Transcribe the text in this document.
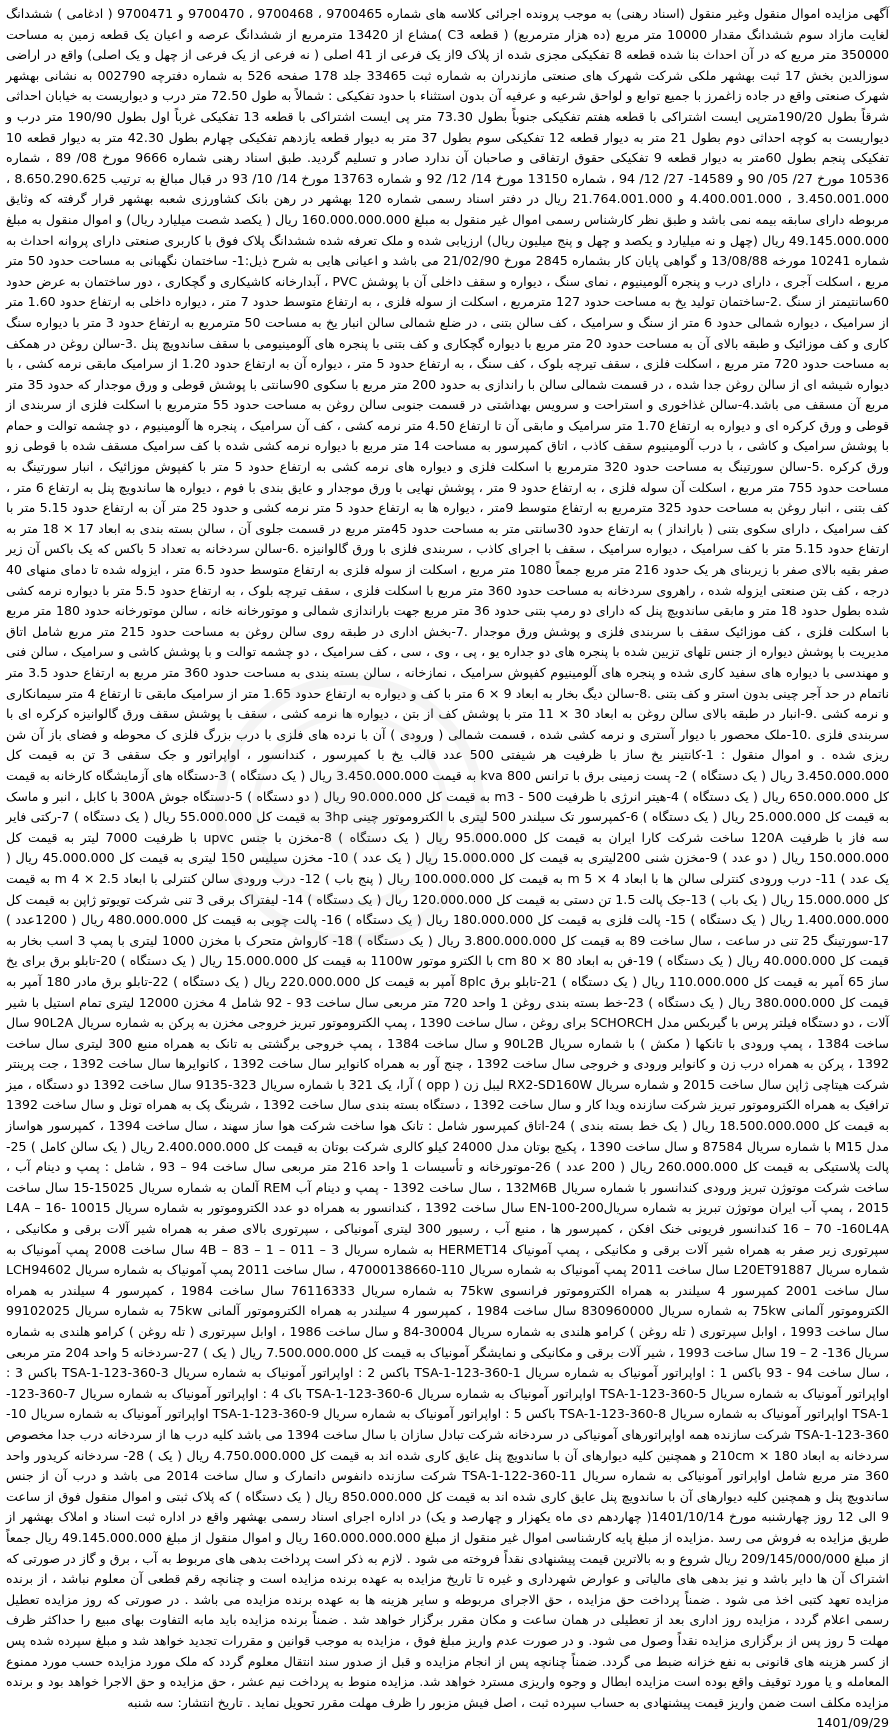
آگهی مزایده اموال منقول وغیر منقول (اسناد رهنی) به موجب پرونده اجرائی کلاسه های شماره 9700465 ، 9700468 ، 9700470 و 9700471 ( ادغامی ) ششدانگ لغایت مازاد سوم ششدانگ مقدار 10000 متر مربع (ده هزار مترمربع) ( قطعه C3 )مشاع از 13420 مترمربع از ششدانگ عرصه و اعیان یک قطعه زمین به مساحت 350000 متر مربع که در آن احداث بنا شده قطعه 8 تفکیکی مجزی شده از پلاک 9از یک فرعی از 41 اصلی ( نه فرعی از یک فرعی از چهل و یک اصلی) واقع در اراضی سوزالدین بخش 17 ثبت بهشهر ملکی شرکت شهرک های صنعتی مازندران به شماره ثبت 33465 جلد 178 صفحه 526 به شماره دفترچه 002790 به نشانی بهشهر شهرک صنعتی واقع در جاده زاغمرز با جمیع توابع و لواحق شرعیه و عرفیه آن بدون استثناء با حدود تفکیکی : شمالاً به طول 72.50 متر درب و دیواریست به خیابان احداثی شرقاً بطول 190/20مترپی ایست اشتراکی با قطعه هفتم تفکیکی جنوباً بطول 73.30 متر پی ایست اشتراکی با قطعه 13 تفکیکی غرباً اول بطول 190/90 متر درب و دیواریست به کوچه احداثی دوم بطول 21 متر به دیوار قطعه 12 تفکیکی سوم بطول 37 متر به دیوار قطعه یازدهم تفکیکی چهارم بطول 42.30 متر به دیوار قطعه 10 تفکیکی پنجم بطول 60متر به دیوار قطعه 9 تفکیکی حقوق ارتفاقی و صاحبان آن ندارد صادر و تسلیم گردید. طبق اسناد رهنی شماره 9666 مورخ 08/ 89 ، شماره 10536 مورخ 27/ 05/ 90 و 14589- 27/ 12/ 94 ، شماره 13150 مورخ 14/ 12/ 92 و شماره 13763 مورخ 14/ 10/ 93 در قبال مبالغ به ترتیب 8.650.290.625 ، 3.450.001.000 ، 4.400.001.000 و 21.764.001.000 ریال در دفتر اسناد رسمی شماره 120 بهشهر در رهن بانک کشاورزی شعبه بهشهر قرار گرفته که وثایق مربوطه دارای سابقه بیمه نمی باشد و طبق نظر کارشناس رسمی اموال غیر منقول به مبلغ 160.000.000.000 ریال ( یکصد شصت میلیارد ریال) و اموال منقول به مبلغ 49.145.000.000 ریال (چهل و نه میلیارد و یکصد و چهل و پنج میلیون ریال) ارزیابی شده و ملک تعرفه شده ششدانگ پلاک فوق با کاربری صنعتی دارای پروانه احداث به شماره 10241 مورخه 13/08/88 و گواهی پایان کار بشماره 2845 مورخ 21/02/90 می باشد و اعیانی هایی به شرح ذیل:1- ساختمان نگهبانی به مساحت حدود 50 متر مربع ، اسکلت آجری ، دارای درب و پنجره آلومینیوم ، نمای سنگ ، دیواره و سقف داخلی آن با پوشش PVC ، آبدارخانه کاشیکاری و گچکاری ، دور ساختمان به عرض حدود 60سانتیمتر از سنگ .2-ساختمان تولید یخ به مساحت حدود 127 مترمربع ، اسکلت از سوله فلزی ، به ارتفاع متوسط حدود 7 متر ، دیواره داخلی به ارتفاع حدود 1.60 متر از سرامیک ، دیواره شمالی حدود 6 متر از سنگ و سرامیک ، کف سالن بتنی ، در ضلع شمالی سالن انبار یخ به مساحت 50 مترمربع به ارتفاع حدود 3 متر با دیواره سنگ کاری و کف موزائیک و طبقه بالای آن به مساحت حدود 20 متر مربع با دیواره گچکاری و کف بتنی با پنجره های آلومینیومی با سقف ساندویچ پنل .3-سالن روغن در همکف به مساحت حدود 720 متر مربع ، اسکلت فلزی ، سقف تیرچه بلوک ، کف سنگ ، به ارتفاع حدود 5 متر ، دیواره آن به ارتفاع حدود 1.20 از سرامیک مابقی نرمه کشی ، با دیواره شیشه ای از سالن روغن جدا شده ، در قسمت شمالی سالن با راندازی به حدود 200 متر مربع با سکوی 90سانتی با پوشش قوطی و ورق موجدار که حدود 35 متر مربع آن مسقف می باشد.4-سالن غذاخوری و استراحت و سرویس بهداشتی در قسمت جنوبی سالن روغن به مساحت حدود 55 مترمربع با اسکلت فلزی از سربندی از قوطی و ورق کرکره ای و دیواره به ارتفاع 1.70 متر سرامیک و مابقی آن تا ارتفاع 4.50 متر نرمه کشی ، کف آن سرامیک ، پنجره ها آلومینیوم ، دو چشمه توالت و حمام با پوشش سرامیک و کاشی ، با درب آلومینیوم سقف کاذب ، اتاق کمپرسور به مساحت 14 متر مربع با دیواره نرمه کشی شده با کف سرامیک مسقف شده با قوطی زو ورق کرکره .5-سالن سورتینگ به مساحت حدود 320 مترمربع با اسکلت فلزی و دیواره های نرمه کشی به ارتفاع حدود 5 متر با کفپوش موزائیک ، انبار سورتینگ به مساحت حدود 755 متر مربع ، اسکلت آن سوله فلزی ، به ارتفاع حدود 9 متر ، پوشش نهایی با ورق موجدار و عایق بندی با فوم ، دیواره ها ساندویچ پنل به ارتفاع 6 متر ، کف بتنی ، انبار روغن به مساحت حدود 325 مترمربع به ارتفاع متوسط 9متر ، دیواره ها به ارتفاع حدود 5 متر نرمه کشی و حدود 25 متر آن به ارتفاع حدود 5.15 متر با کف سرامیک ، دارای سکوی بتنی ( بارانداز ) به ارتفاع حدود 30سانتی متر به مساحت حدود 45متر مربع در قسمت جلوی آن ، سالن بسته بندی به ابعاد 17 × 18 متر به ارتفاع حدود 5.15 متر با کف سرامیک ، دیواره سرامیک ، سقف با اجرای کاذب ، سربندی فلزی با ورق گالوانیزه .6-سالن سردخانه به تعداد 5 باکس که یک باکس آن زیر صفر بقیه بالای صفر با زیربنای هر یک حدود 216 متر مربع جمعاً 1080 متر مربع ، اسکلت از سوله فلزی به ارتفاع متوسط حدود 6.5 متر ، ایزوله شده تا دمای منهای 40 درجه ، کف بتن صنعتی ایزوله شده ، راهروی سردخانه به مساحت حدود 360 متر مربع با اسکلت فلزی ، سقف تیرچه بلوک ، به ارتفاع حدود 5.5 متر با دیواره نرمه کشی شده بطول حدود 18 متر و مابقی ساندویچ پنل که دارای دو رمپ بتنی حدود 36 متر مربع جهت باراندازی شمالی و موتورخانه خانه ، سالن موتورخانه حدود 180 متر مربع با اسکلت فلزی ، کف موزائیک سقف با سربندی فلزی و پوشش ورق موجدار .7-بخش اداری در طبقه روی سالن روغن به مساحت حدود 215 متر مربع شامل اتاق مدیریت با پوشش دیواره از جنس تلهای تزیین شده با پنجره های دو جداره یو ، پی ، وی ، سی ، کف سرامیک ، دو چشمه توالت و با پوشش کاشی و سرامیک ، سالن فنی و مهندسی با دیواره های سفید کاری شده و پنجره های آلومینیوم کفپوش سرامیک ، نمازخانه ، سالن بسته بندی به مساحت حدود 360 متر مربع به ارتفاع حدود 3.5 متر ناتمام در حد آجر چینی بدون استر و کف بتنی .8-سالن دیگ بخار به ابعاد 9 × 6 متر با کف و دیواره به ارتفاع حدود 1.65 متر از سرامیک مابقی تا ارتفاع 4 متر سیمانکاری و نرمه کشی .9-انبار در طبقه بالای سالن روغن به ابعاد 30 × 11 متر با پوشش کف از بتن ، دیواره ها نرمه کشی ، سقف با پوشش سقف ورق گالوانیزه کرکره ای با سربندی فلزی .10-ملک محصور با دیوار آستری و نرمه کشی شده ، قسمت شمالی ( ورودی ) آن با نرده های فلزی با درب بزرگ فلزی ک محوطه و فضای باز آن شن ریزی شده . و اموال منقول : 1-کانتینر یخ ساز با ظرفیت هر شیفتی 500 عدد قالب یخ با کمپرسور ، کندانسور ، اواپراتور و جک سقفی 3 تن به قیمت کل 3.450.000.000 ریال ( یک دستگاه ) 2- پست زمینی برق با ترانس 800 kva به قیمت 3.450.000.000 ریال ( یک دستگاه ) 3-دستگاه های آزمایشگاه کارخانه به قیمت کل 650.000.000 ریال ( یک دستگاه ) 4-هیتر انرژی با ظرفیت 500 - m3 به قیمت کل 90.000.000 ریال ( دو دستگاه ) 5-دستگاه جوش 300A با کابل ، انبر و ماسک به قیمت کل 25.000.000 ریال ( یک دستگاه ) 6-کمپرسور تک سیلندر 500 لیتری با الکتروموتور چینی 3hp به قیمت کل 55.000.000 ریال ( یک دستگاه ) 7-رکتی فایر سه فاز با ظرفیت 120A ساخت شرکت کارا ایران به قیمت کل 95.000.000 ریال ( یک دستگاه ) 8-مخزن با جنس upvc با ظرفیت 7000 لیتر به قیمت کل 150.000.000 ریال ( دو عدد ) 9-مخزن شنی 200لیتری به قیمت کل 15.000.000 ریال ( یک عدد ) 10- مخزن سیلیس 150 لیتری به قیمت کل 45.000.000 ریال ( یک عدد ) 11- درب ورودی کنترلی سالن ها با ابعاد 4 × 5 m به قیمت کل 100.000.000 ریال ( پنج باب ) 12- درب ورودی سالن کنترلی با ابعاد 2.5 × 4 m به قیمت کل 15.000.000 ریال ( یک باب ) 13-جک پالت 1.5 تن دستی به قیمت کل 120.000.000 ریال ( یک دستگاه ) 14- لیفتراک برقی 3 تنی شرکت تویوتو ژاپن به قیمت کل 1.400.000.000 ریال ( یک دستگاه ) 15- پالت فلزی به قیمت کل 180.000.000 ریال ( یک دستگاه ) 16- پالت چوبی به قیمت کل 480.000.000 ریال ( 1200عدد ) 17-سورتینگ 25 تنی در ساعت ، سال ساخت 89 به قیمت کل 3.800.000.000 ریال ( یک دستگاه ) 18- کارواش متحرک با مخزن 1000 لیتری با پمپ 3 اسب بخار به قیمت کل 40.000.000 ریال ( یک دستگاه ) 19-فن به ابعاد 80 × 80 cm با الکترو موتور 1100w به قیمت کل 15.000.000 ریال ( یک دستگاه ) 20-تابلو برق برای یخ ساز 65 آمپر به قیمت کل 110.000.000 ریال ( یک دستگاه ) 21-تابلو برق 8plc آمپر به قیمت کل 220.000.000 ریال ( یک دستگاه ) 22-تابلو برق مادر 180 آمپر به قیمت کل 380.000.000 ریال ( یک دستگاه ) 23-خط بسته بندی روغن 1 واحد 720 متر مربعی سال ساخت 93 - 92 شامل 4 مخزن 12000 لیتری تمام استیل با شیر آلات ، دو دستگاه فیلتر پرس با گیربکس مدل SCHORCH برای روغن ، سال ساخت 1390 ، پمپ الکتروموتور تبریز خروجی مخزن به پرکن به شماره سریال 90L2A سال ساخت 1384 ، پمپ ورودی با تانکها ( مکش ) با شماره سریال 90L2B و سال ساخت 1384 ، پمپ خروجی برگشتی به تانک به همراه منبع 300 لیتری سال ساخت 1392 ، پرکن به همراه درب زن و کانوایر ورودی و خروجی سال ساخت 1392 ، چنج آور به همراه کانوایر سال ساخت 1392 ، کانوایرها سال ساخت 1392 ، جت پرینتر شرکت هیتاچی ژاپن سال ساخت 2015 و شماره سریال RX2-SD160W لیبل زن ( opp ) آرا، یک 321 با شماره سریال 323-9135 سال ساخت 1392 دو دستگاه ، میز ترافیک به همراه الکتروموتور تبریز شرکت سازنده ویدا کار و سال ساخت 1392 ، دستگاه بسته بندی سال ساخت 1392 ، شرینگ پک به همراه تونل و سال ساخت 1392 به قیمت کل 18.500.000.000 ریال ( یک خط بسته بندی ) 24-اتاق کمپرسور شامل : تانک هوا ساخت شرکت هوا ساز سهند ، سال ساخت 1394 ، کمپرسور هواساز مدل M15 با شماره سریال 87584 و سال ساخت 1390 ، پکیج بوتان مدل 24000 کیلو کالری شرکت بوتان به قیمت کل 2.400.000.000 ریال ( یک سالن کامل ) 25-پالت پلاستیکی به قیمت کل 260.000.000 ریال ( 200 عدد ) 26-موتورخانه و تأسیسات 1 واحد 216 متر مربعی سال ساخت 94 – 93 ، شامل : پمپ و دینام آب ، ساخت شرکت موتوژن تبریز ورودی کندانسور با شماره سریال 132M6B ، سال ساخت 1392 - پمپ و دینام آب REM آلمان به شماره سریال 15025-15 سال ساخت 2015 ، پمپ آب ایران موتوژن تبریز به شماره سریالEN-100-200 سال ساخت 1392 ، کندانسور به همراه دو عدد الکتروموتور به شماره سریال 10015 -16 L4A – 16 – 70 -160L4A کندانسور فریونی خنک افکن ، کمپرسور ها ، منبع آب ، رسیور 300 لیتری آمونیاکی ، سپرتوری بالای صفر به همراه شیر آلات برقی و مکانیکی ، سپرتوری زیر صفر به همراه شیر آلات برقی و مکانیکی ، پمپ آمونیاک HERMET14 به شماره سریال 3 – 011 – 1 – 83 – 4B سال ساخت 2008 پمپ آمونیاک به شماره سریال L20ET91887 سال ساخت 2011 پمپ آمونیاک به شماره سریال 110-47000138660 ، سال ساخت 2011 پمپ آمونیاک به شماره سریال LCH94602 سال ساخت 2001 کمپرسور 4 سیلندر به همراه الکتروموتور فرانسوی 75kw به شماره سریال 76116333 سال ساخت 1984 ، کمپرسور 4 سیلندر به همراه الکتروموتور آلمانی 75kw به شماره سریال 830960000 سال ساخت 1984 ، کمپرسور 4 سیلندر به همراه الکتروموتور آلمانی 75kw به شماره سریال 99102025 سال ساخت 1993 ، اوابل سپرتوری ( تله روغن ) کرامو هلندی به شماره سریال 30004-84 و سال ساخت 1986 ، اوابل سپرتوری ( تله روغن ) کرامو هلندی به شماره سریال 136- 2 – 19 سال ساخت 1993 ، شیر آلات برقی و مکانیکی و نمایشگر آمونیاک به قیمت کل 7.500.000.000 ریال ( یک ) 27-سردخانه 5 واحد 204 متر مربعی ، سال ساخت 94 - 93 باکس 1 : اواپراتور آمونیاک به شماره سریال TSA-1-123-360-1 باکس 2 : اواپراتور آمونیاک به شماره سریال 3-360-123-TSA-1 باکس 3 : اواپراتور آمونیاک به شماره سریال 5-360-123-TSA-1 اواپراتور آمونیاک به شماره سریال 6-360-123-TSA-1 باک 4 : اواپراتور آمونیاک به شماره سریال 7-360-123-TSA-1 اواپراتور آمونیاک به شماره سریال 8-360-123-TSA-1 باکس 5 : اواپراتور آمونیاک به شماره سریال 9-360-123-TSA-1 اواپراتور آمونیاک به شماره سریال 10-360-123-TSA-1 شرکت سازنده همه اواپراتورهای آمونیاکی در سردخانه شرکت تبادل سازان با سال ساخت 1394 می باشد کلیه درب ها از سردخانه درب جدا مخصوص سردخانه به ابعاد 180 × 210cm و همچنین کلیه دیوارهای آن با ساندویچ پنل عایق کاری شده اند به قیمت کل 4.750.000.000 ریال ( یک ) 28- سردخانه کریدور واحد 360 متر مربع شامل اواپراتور آمونیاکی به شماره سریال 11-360-122-TSA-1 شرکت سازنده دانفوس دانمارک و سال ساخت 2014 می باشد و درب آن از جنس ساندویچ پنل و همچنین کلیه دیوارهای آن با ساندویچ پنل عایق کاری شده اند به قیمت کل 850.000.000 ریال ( یک دستگاه ) که پلاک ثبتی و اموال منقول فوق از ساعت 9 الی 12 روز چهارشنبه مورخ 1401/10/14( چهاردهم دی ماه یکهزار و چهارصد و یک) در اداره اجرای اسناد رسمی بهشهر واقع در اداره ثبت اسناد و املاک بهشهر از طریق مزایده به فروش می رسد .مزایده از مبلغ پایه کارشناسی اموال غیر منقول از مبلغ 160.000.000.000 ریال و اموال منقول از مبلغ 49.145.000.000 ریال جمعاً از مبلغ 209/145/000/000 ریال شروع و به بالاترین قیمت پیشنهادی نقداً فروخته می شود . لازم به ذکر است پرداخت بدهی های مربوط به آب ، برق و گاز در صورتی که اشتراک آن ها دایر باشد و نیز بدهی های مالیاتی و عوارض شهرداری و غیره تا تاریخ مزایده به عهده برنده مزایده است و چنانچه رقم قطعی آن معلوم نباشد ، از برنده مزایده تعهد کتبی اخذ می شود . ضمناً پرداخت حق مزایده ، حق الاجرای مربوطه و سایر هزینه ها به عهده برنده مزایده می باشد . در صورتی که روز مزایده تعطیل رسمی اعلام گردد ، مزایده روز اداری بعد از تعطیلی در همان ساعت و مکان مقرر برگزار خواهد شد . ضمناً برنده مزایده باید مابه التفاوت بهای مبیع را حداکثر ظرف مهلت 5 روز پس از برگزاری مزایده نقداً وصول می شود. و در صورت عدم واریز مبلغ فوق ، مزایده به موجب قوانین و مقررات تجدید خواهد شد و مبلغ سپرده شده پس از کسر هزینه های قانونی به نفع خزانه ضبط می گردد. ضمناً چنانچه پس از انجام مزایده و قبل از صدور سند انتقال معلوم گردد که ملک مورد مزایده حسب مورد ممنوع المعامله و یا مورد توقیف واقع بوده است مزایده ابطال و وجوه واریزی مسترد خواهد شد. مزایده منوط به پرداخت نیم عشر ، حق مزایده و حق الاجرا خواهد بود و برنده مزایده مکلف است ضمن واریز قیمت پیشنهادی به حساب سپرده ثبت ، اصل فیش مزبور را ظرف مهلت مقرر تحویل نماید . تاریخ انتشار: سه شنبه

1401/09/29
